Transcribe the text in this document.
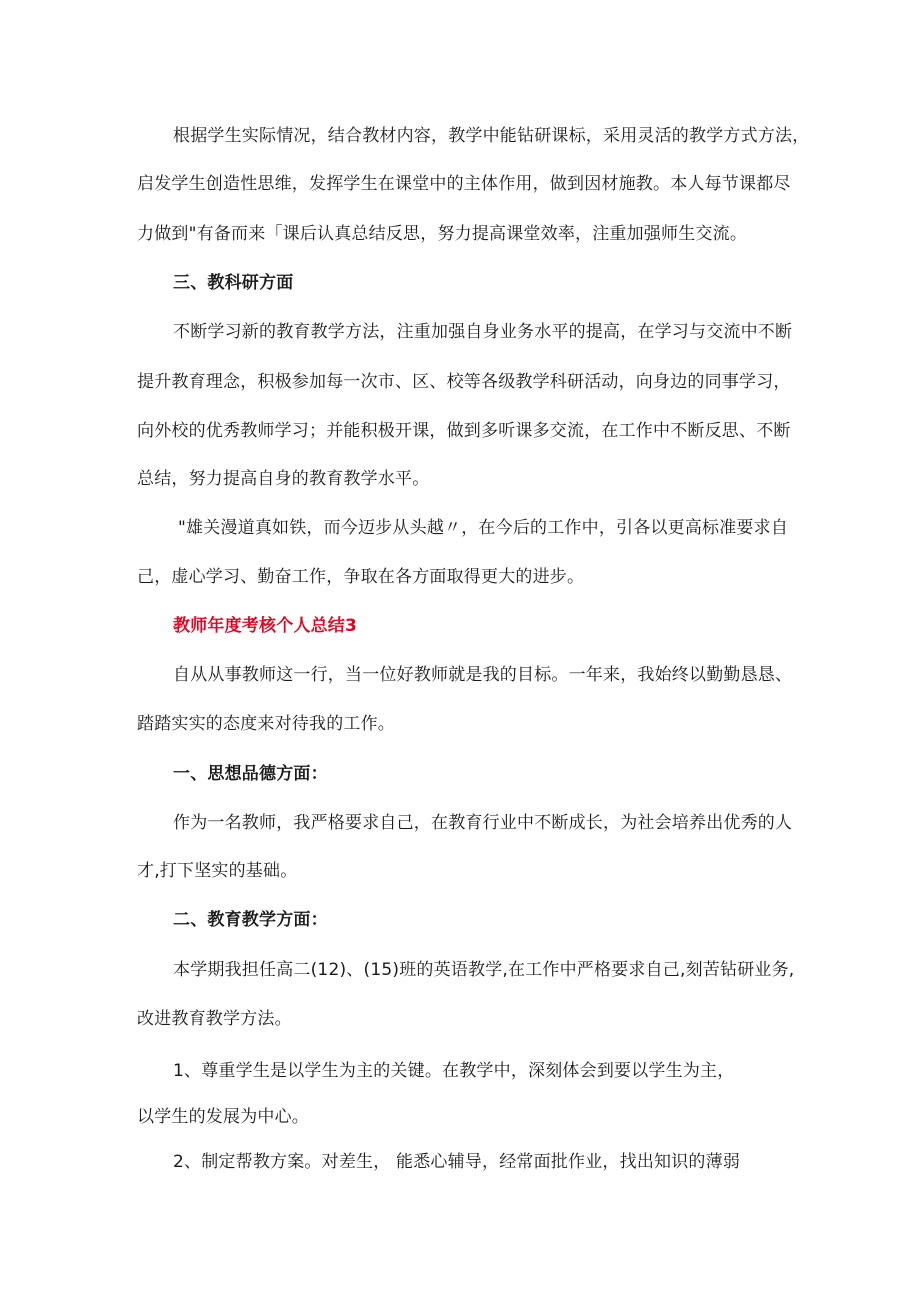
根据学生实际情况，结合教材内容，教学中能钻研课标，采用灵活的教学方式方法，
启发学生创造性思维，发挥学生在课堂中的主体作用，做到因材施教。本人每节课都尽
力做到"有备而来「课后认真总结反思，努力提高课堂效率，注重加强师生交流。
三、教科研方面
不断学习新的教育教学方法，注重加强自身业务水平的提高，在学习与交流中不断
提升教育理念，积极参加每一次市、区、校等各级教学科研活动，向身边的同事学习，
向外校的优秀教师学习；并能积极开课，做到多听课多交流，在工作中不断反思、不断
总结，努力提高自身的教育教学水平。
"雄关漫道真如铁，而今迈步从头越〃，在今后的工作中，引各以更高标准要求自
己，虚心学习、勤奋工作，争取在各方面取得更大的进步。
教师年度考核个人总结3
自从从事教师这一行，当一位好教师就是我的目标。一年来，我始终以勤勤恳恳、
踏踏实实的态度来对待我的工作。
一、思想品德方面：
作为一名教师，我严格要求自己，在教育行业中不断成长，为社会培养出优秀的人
才,打下坚实的基础。
二、教育教学方面：
本学期我担任高二(12)、(15)班的英语教学,在工作中严格要求自己,刻苦钻研业务,
改进教育教学方法。
1、尊重学生是以学生为主的关键。在教学中，深刻体会到要以学生为主，
以学生的发展为中心。
2、制定帮教方案。对差生， 能悉心辅导，经常面批作业，找出知识的薄弱
